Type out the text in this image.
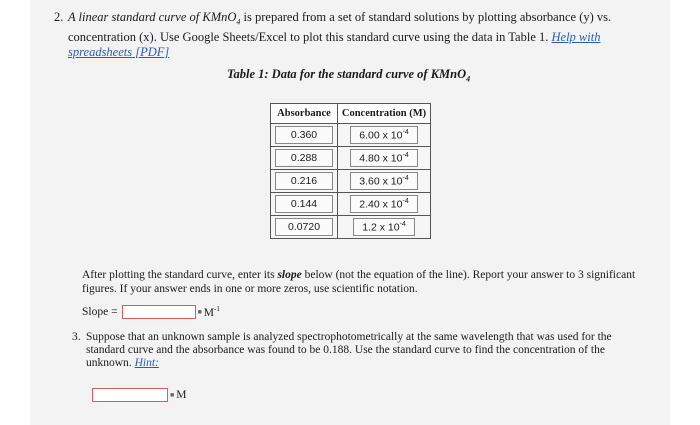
2. A linear standard curve of KMnO$_4$ is prepared from a set of standard solutions by plotting absorbance (y) vs. concentration (x). Use Google Sheets/Excel to plot this standard curve using the data in Table 1. Help with spreadsheets [PDF]
Table 1: Data for the standard curve of KMnO$_4$
Absorbance	Concentration (M)
0.360	6.00 x $10^{-4}$
0.288	4.80 x $10^{-4}$
0.216	3.60 x $10^{-4}$
0.144	2.40 x $10^{-4}$
0.0720	1.2 x $10^{-4}$
After plotting the standard curve, enter its slope below (not the equation of the line). Report your answer to 3 significant figures. If your answer ends in one or more zeros, use scientific notation.
Slope =	■ $M^{-1}$
3. Suppose that an unknown sample is analyzed spectrophotometrically at the same wavelength that was used for the standard curve and the absorbance was found to be 0.188. Use the standard curve to find the concentration of the unknown. Hint:
■ M
